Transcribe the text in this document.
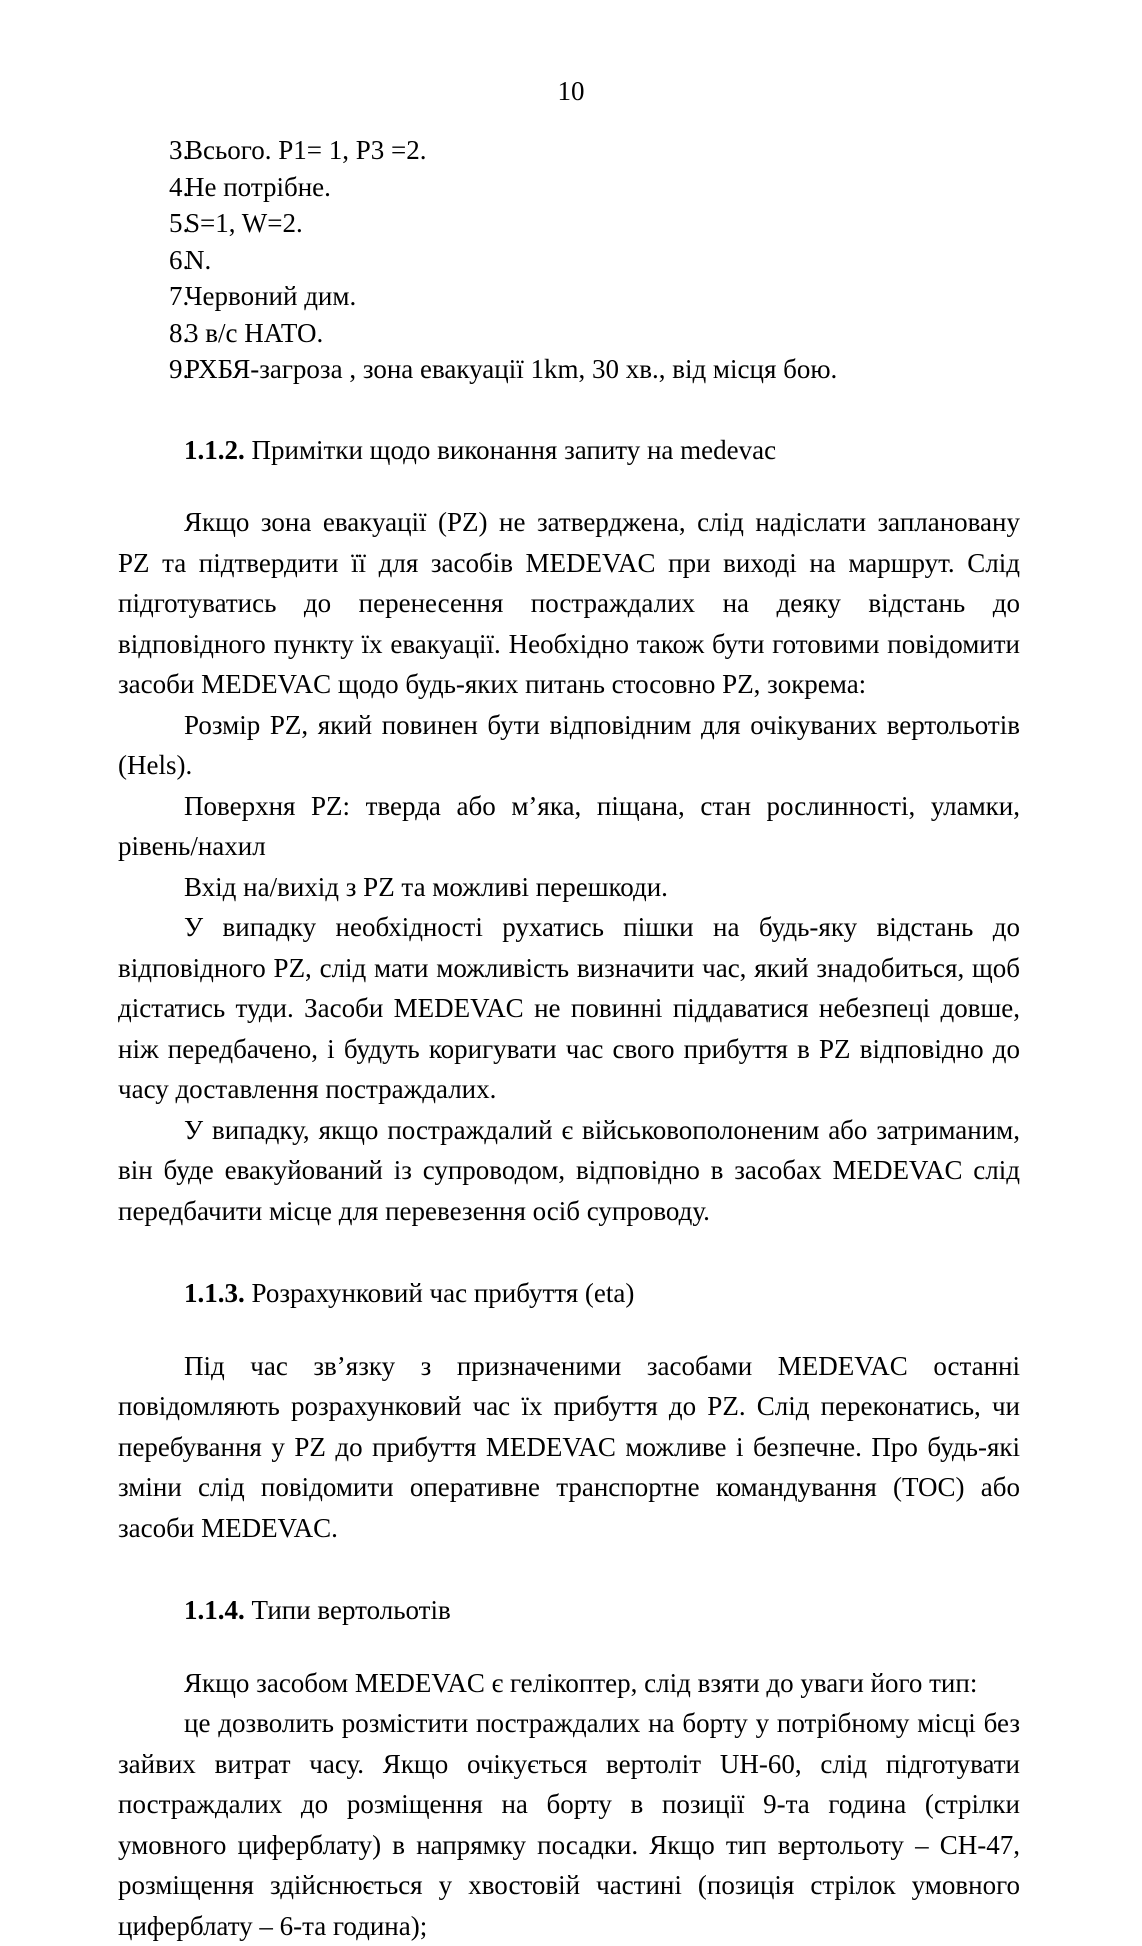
10
3.
Всього. P1= 1, P3 =2.
4.
Не потрібне.
5.
S=1, W=2.
6.
N.
7.
Червоний дим.
8.
3 в/с НАТО.
9.
РХБЯ-загроза , зона евакуації 1km, 30 хв., від місця бою.

1.1.2. Примітки щодо виконання запиту на medevac

Якщо зона евакуації (PZ) не затверджена, слід надіслати заплановану PZ та підтвердити її для засобів MEDEVAC при виході на маршрут. Слід підготуватись до перенесення постраждалих на деяку відстань до відповідного пункту їх евакуації. Необхідно також бути готовими повідомити засоби MEDEVAC щодо будь-яких питань стосовно PZ, зокрема:

Розмір PZ, який повинен бути відповідним для очікуваних вертольотів (Hels).

Поверхня PZ: тверда або м’яка, піщана, стан рослинності, уламки, рівень/нахил

Вхід на/вихід з PZ та можливі перешкоди.

У випадку необхідності рухатись пішки на будь-яку відстань до відповідного PZ, слід мати можливість визначити час, який знадобиться, щоб дістатись туди. Засоби MEDEVAC не повинні піддаватися небезпеці довше, ніж передбачено, і будуть коригувати час свого прибуття в PZ відповідно до часу доставлення постраждалих.

У випадку, якщо постраждалий є військовополоненим або затриманим, він буде евакуйований із супроводом, відповідно в засобах MEDEVAC слід передбачити місце для перевезення осіб супроводу.

1.1.3. Розрахунковий час прибуття (eta)

Під час зв’язку з призначеними засобами MEDEVAC останні повідомляють розрахунковий час їх прибуття до PZ. Слід переконатись, чи перебування у PZ до прибуття MEDEVAC можливе і безпечне. Про будь-які зміни слід повідомити оперативне транспортне командування (TOC) або засоби MEDEVAC.

1.1.4. Типи вертольотів

Якщо засобом MEDEVAC є гелікоптер, слід взяти до уваги його тип:

це дозволить розмістити постраждалих на борту у потрібному місці без зайвих витрат часу. Якщо очікується вертоліт UH-60, слід підготувати постраждалих до розміщення на борту в позиції 9-та година (стрілки умовного циферблату) в напрямку посадки. Якщо тип вертольоту – CH-47, розміщення здійснюється у хвостовій частині (позиція стрілок умовного циферблату – 6-та година);
